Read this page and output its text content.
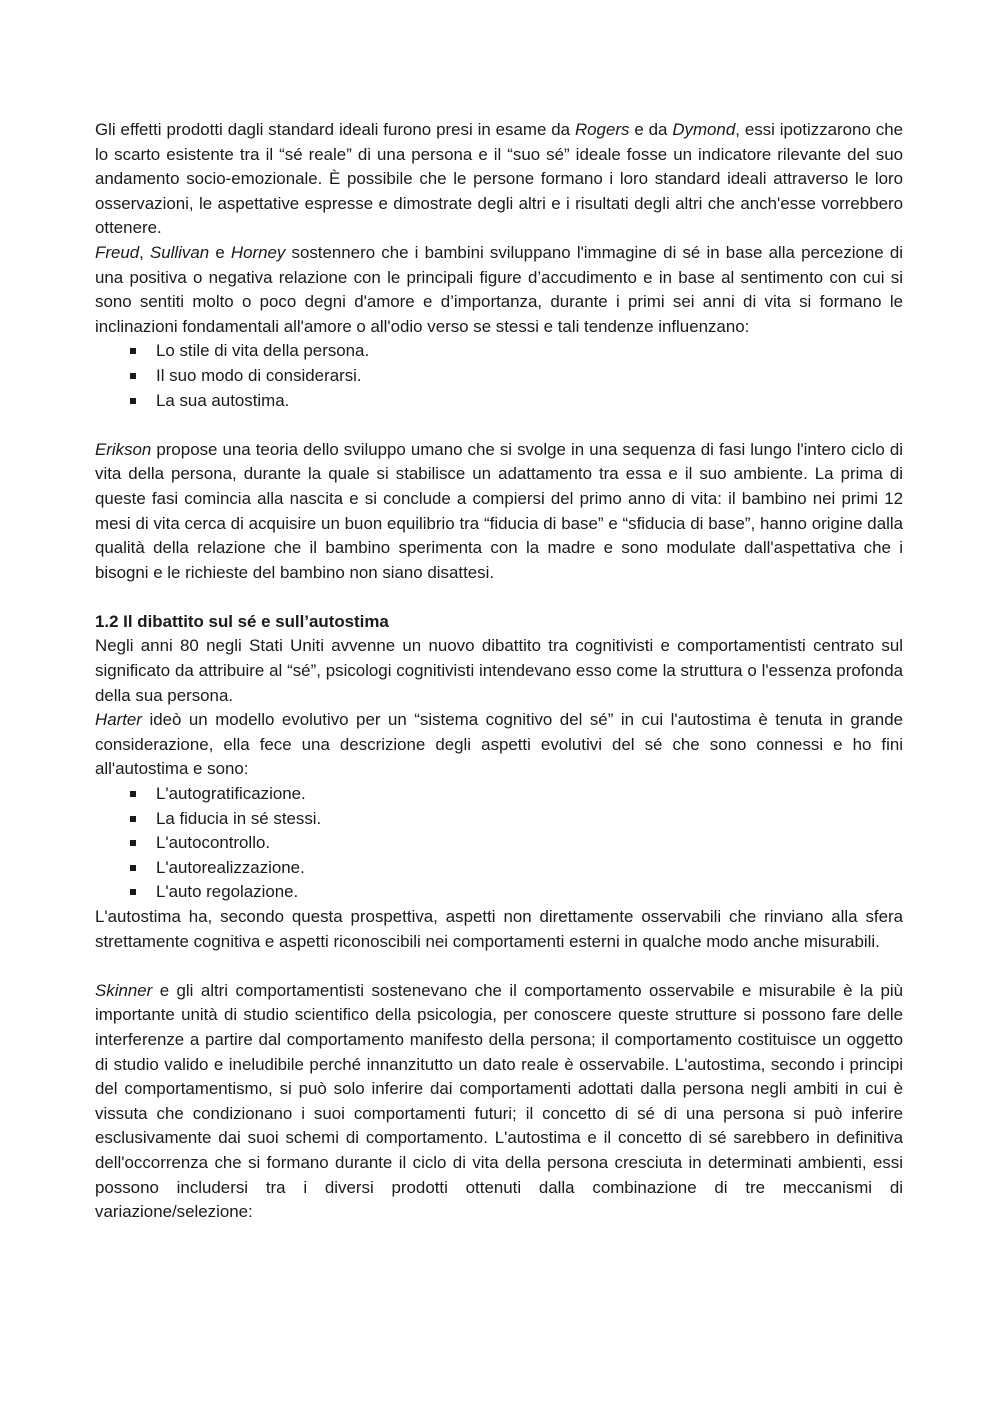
Gli effetti prodotti dagli standard ideali furono presi in esame da Rogers e da Dymond, essi ipotizzarono che lo scarto esistente tra il “sé reale” di una persona e il “suo sé” ideale fosse un indicatore rilevante del suo andamento socio-emozionale. È possibile che le persone formano i loro standard ideali attraverso le loro osservazioni, le aspettative espresse e dimostrate degli altri e i risultati degli altri che anch'esse vorrebbero ottenere.

Freud, Sullivan e Horney sostennero che i bambini sviluppano l'immagine di sé in base alla percezione di una positiva o negativa relazione con le principali figure d’accudimento e in base al sentimento con cui si sono sentiti molto o poco degni d'amore e d’importanza, durante i primi sei anni di vita si formano le inclinazioni fondamentali all'amore o all'odio verso se stessi e tali tendenze influenzano:

Lo stile di vita della persona.
Il suo modo di considerarsi.
La sua autostima.

Erikson propose una teoria dello sviluppo umano che si svolge in una sequenza di fasi lungo l'intero ciclo di vita della persona, durante la quale si stabilisce un adattamento tra essa e il suo ambiente. La prima di queste fasi comincia alla nascita e si conclude a compiersi del primo anno di vita: il bambino nei primi 12 mesi di vita cerca di acquisire un buon equilibrio tra “fiducia di base” e “sfiducia di base”, hanno origine dalla qualità della relazione che il bambino sperimenta con la madre e sono modulate dall'aspettativa che i bisogni e le richieste del bambino non siano disattesi.

1.2 Il dibattito sul sé e sull’autostima

Negli anni 80 negli Stati Uniti avvenne un nuovo dibattito tra cognitivisti e comportamentisti centrato sul significato da attribuire al “sé”, psicologi cognitivisti intendevano esso come la struttura o l'essenza profonda della sua persona.

Harter ideò un modello evolutivo per un “sistema cognitivo del sé” in cui l'autostima è tenuta in grande considerazione, ella fece una descrizione degli aspetti evolutivi del sé che sono connessi e ho fini all'autostima e sono:

L'autogratificazione.
La fiducia in sé stessi.
L'autocontrollo.
L'autorealizzazione.
L'auto regolazione.

L'autostima ha, secondo questa prospettiva, aspetti non direttamente osservabili che rinviano alla sfera strettamente cognitiva e aspetti riconoscibili nei comportamenti esterni in qualche modo anche misurabili.

Skinner e gli altri comportamentisti sostenevano che il comportamento osservabile e misurabile è la più importante unità di studio scientifico della psicologia, per conoscere queste strutture si possono fare delle interferenze a partire dal comportamento manifesto della persona; il comportamento costituisce un oggetto di studio valido e ineludibile perché innanzitutto un dato reale è osservabile. L'autostima, secondo i principi del comportamentismo, si può solo inferire dai comportamenti adottati dalla persona negli ambiti in cui è vissuta che condizionano i suoi comportamenti futuri; il concetto di sé di una persona si può inferire esclusivamente dai suoi schemi di comportamento. L'autostima e il concetto di sé sarebbero in definitiva dell'occorrenza che si formano durante il ciclo di vita della persona cresciuta in determinati ambienti, essi possono includersi tra i diversi prodotti ottenuti dalla combinazione di tre meccanismi di variazione/selezione:
